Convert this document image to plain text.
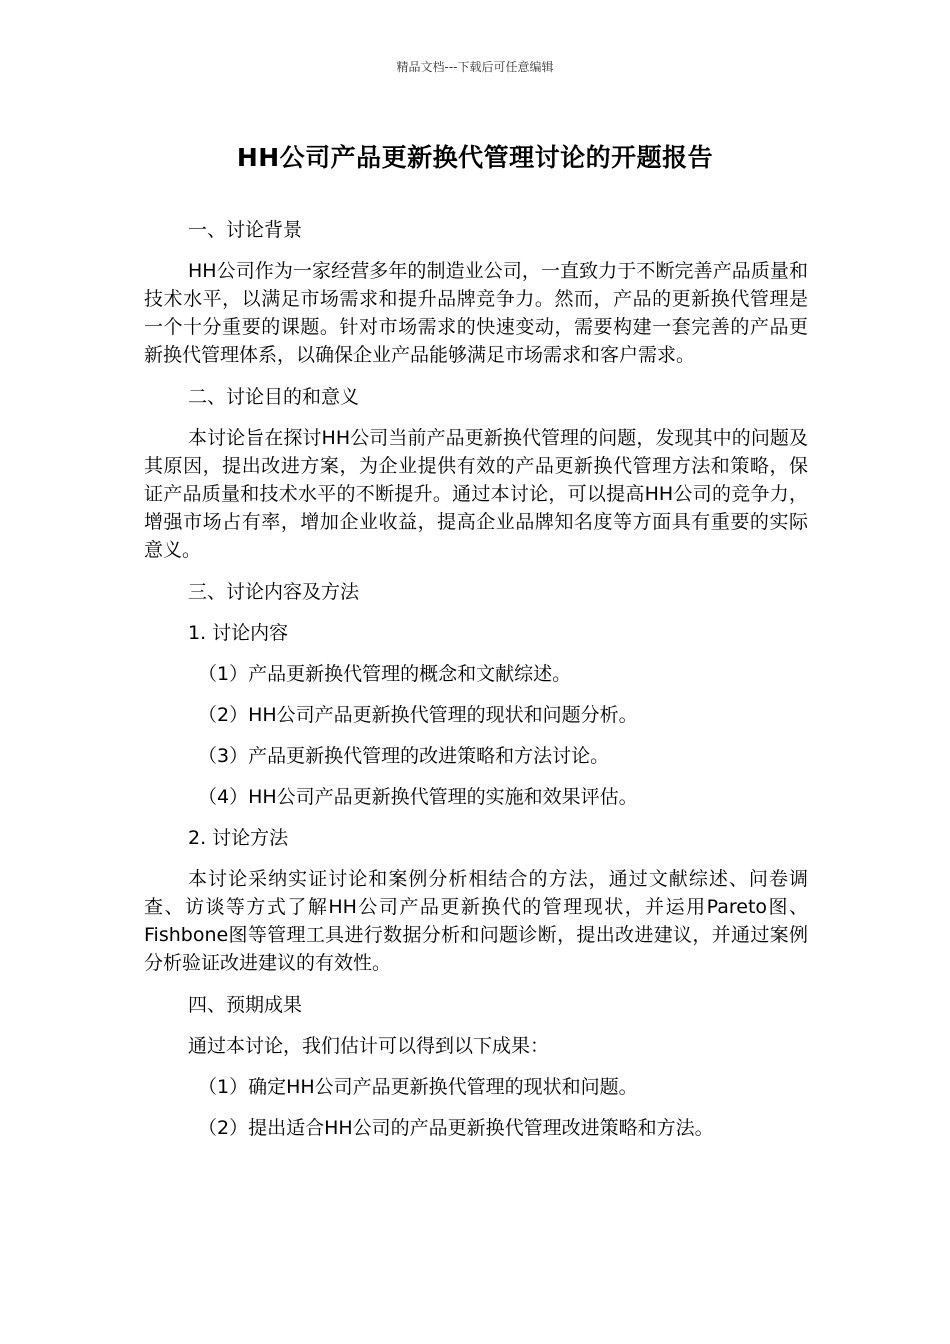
精品文档---下载后可任意编辑
HH公司产品更新换代管理讨论的开题报告

一、讨论背景

HH公司作为一家经营多年的制造业公司，一直致力于不断完善产品质量和技术水平，以满足市场需求和提升品牌竞争力。然而，产品的更新换代管理是一个十分重要的课题。针对市场需求的快速变动，需要构建一套完善的产品更新换代管理体系，以确保企业产品能够满足市场需求和客户需求。

二、讨论目的和意义

本讨论旨在探讨HH公司当前产品更新换代管理的问题，发现其中的问题及其原因，提出改进方案，为企业提供有效的产品更新换代管理方法和策略，保证产品质量和技术水平的不断提升。通过本讨论，可以提高HH公司的竞争力，增强市场占有率，增加企业收益，提高企业品牌知名度等方面具有重要的实际意义。

三、讨论内容及方法

1. 讨论内容

（1）产品更新换代管理的概念和文献综述。

（2）HH公司产品更新换代管理的现状和问题分析。

（3）产品更新换代管理的改进策略和方法讨论。

（4）HH公司产品更新换代管理的实施和效果评估。

2. 讨论方法

本讨论采纳实证讨论和案例分析相结合的方法，通过文献综述、问卷调查、访谈等方式了解HH公司产品更新换代的管理现状，并运用Pareto图、Fishbone图等管理工具进行数据分析和问题诊断，提出改进建议，并通过案例分析验证改进建议的有效性。

四、预期成果

通过本讨论，我们估计可以得到以下成果：

（1）确定HH公司产品更新换代管理的现状和问题。

（2）提出适合HH公司的产品更新换代管理改进策略和方法。
